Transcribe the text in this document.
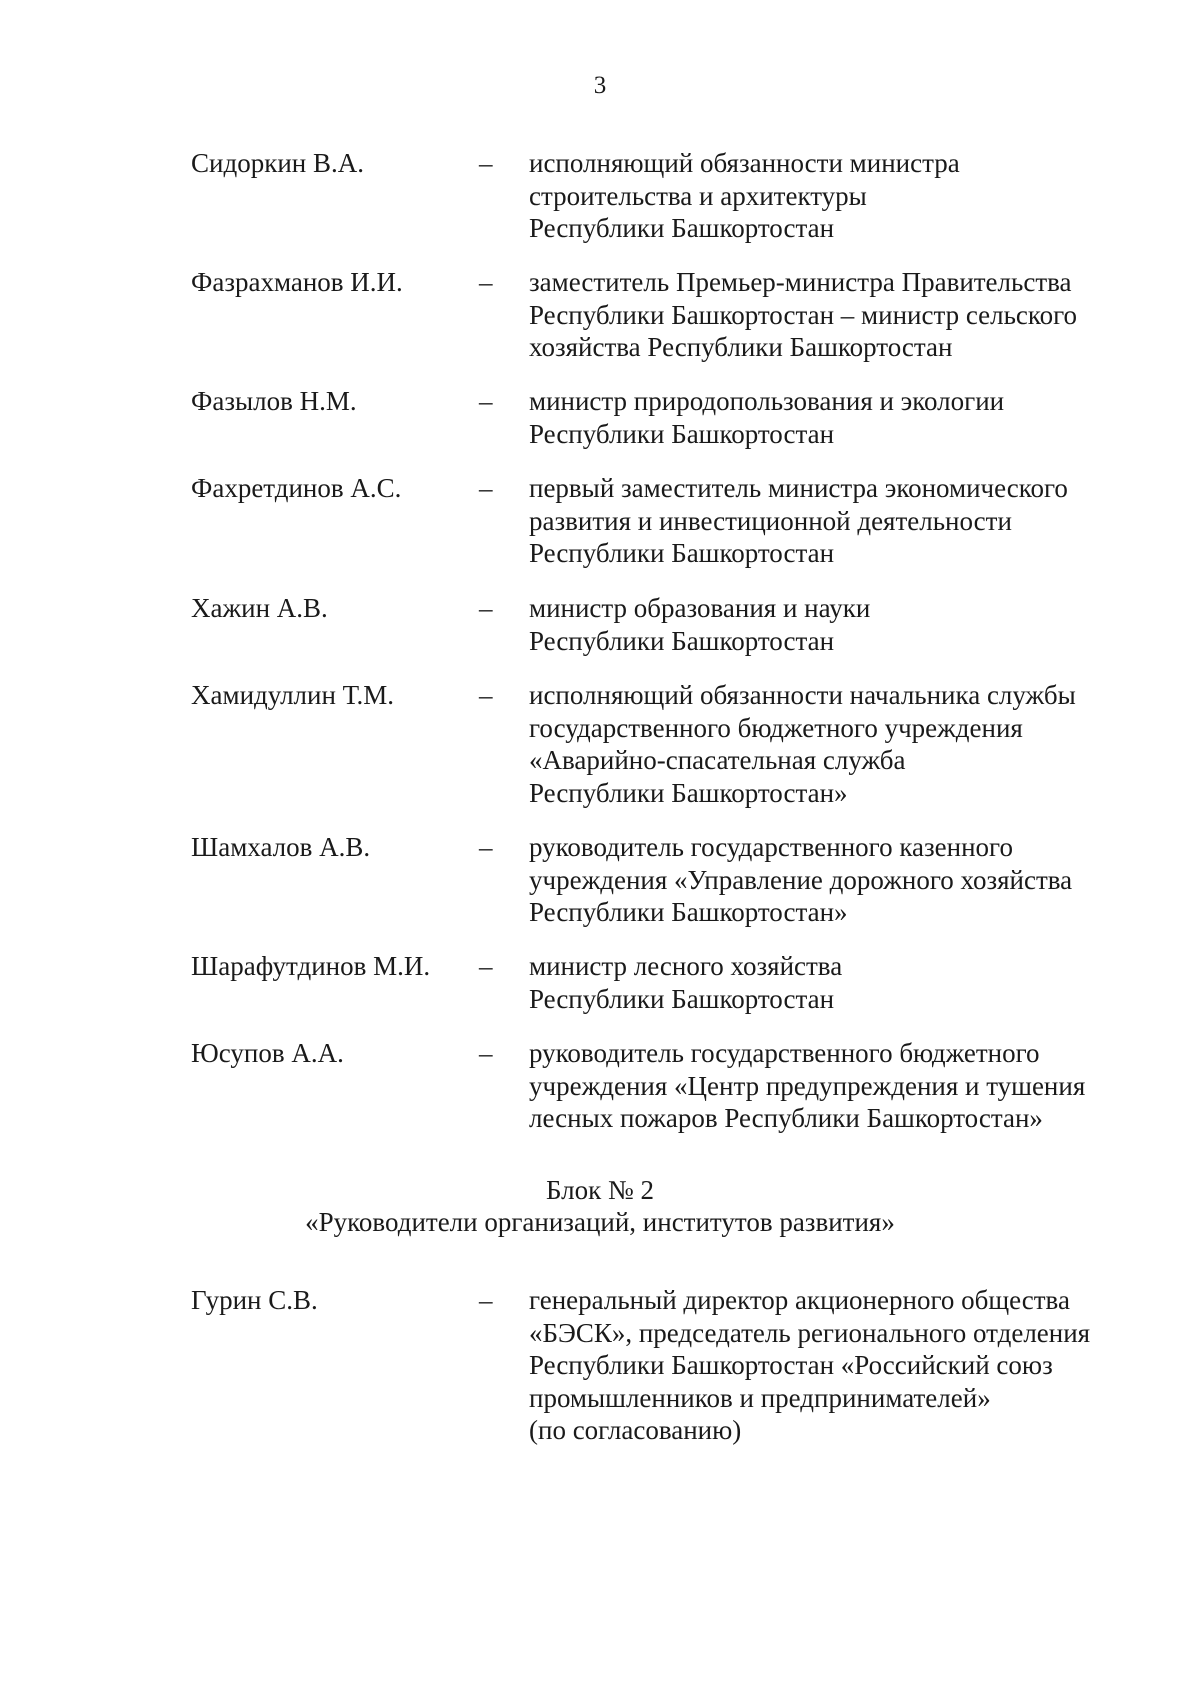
3
Сидоркин В.А.	– исполняющий обязанности министра
строительства и архитектуры
Республики Башкортостан
Фазрахманов И.И.	– заместитель Премьер-министра Правительства
Республики Башкортостан – министр сельского
хозяйства Республики Башкортостан
Фазылов Н.М.	– министр природопользования и экологии
Республики Башкортостан
Фахретдинов А.С.	– первый заместитель министра экономического
развития и инвестиционной деятельности
Республики Башкортостан
Хажин А.В.	– министр образования и науки
Республики Башкортостан
Хамидуллин Т.М.	– исполняющий обязанности начальника службы
государственного бюджетного учреждения
«Аварийно-спасательная служба
Республики Башкортостан»
Шамхалов А.В.	– руководитель государственного казенного
учреждения «Управление дорожного хозяйства
Республики Башкортостан»
Шарафутдинов М.И. – министр лесного хозяйства
Республики Башкортостан
Юсупов А.А.	– руководитель государственного бюджетного
учреждения «Центр предупреждения и тушения
лесных пожаров Республики Башкортостан»
Блок № 2
«Руководители организаций, институтов развития»
Гурин С.В.	– генеральный директор акционерного общества
«БЭСК», председатель регионального отделения
Республики Башкортостан «Российский союз
промышленников и предпринимателей»
(по согласованию)
